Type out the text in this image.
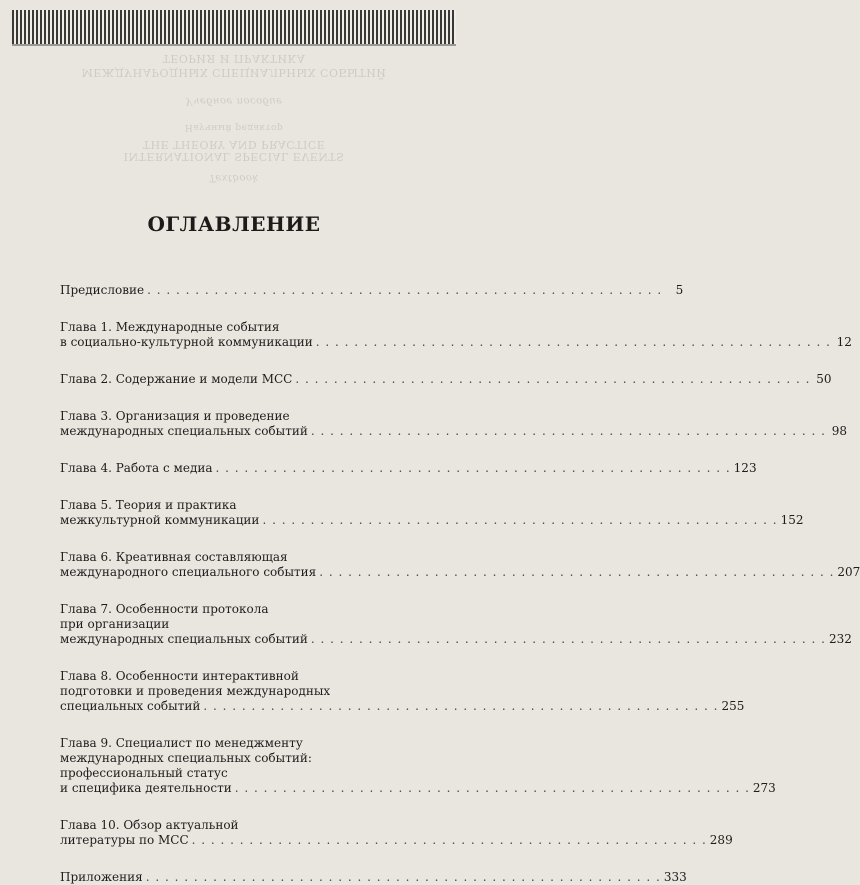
ТЕОРИЯ И ПРАКТИКА
МЕЖДУНАРОДНЫХ СПЕЦИАЛЬНЫХ СОБЫТИЙ
Учебное пособие
Научный редактор
THE THEORY AND PRACTICE
INTERNATIONAL SPECIAL EVENTS
Textbook
ОГЛАВЛЕНИЕ
Предисловие . . . . . . . . . . . . . . . . . . . . . . . . . . . . . . . . . . . . . . . . . . . . . . . . . . . . . .	5
Глава 1. Международные события
в социально-культурной коммуникации . . . . . . . . . . . . . . . . . . . . . . . . . . . . . . . . . . . . . . . . . . . . . . . . . . . . . . 12
Глава 2. Содержание и модели МСС . . . . . . . . . . . . . . . . . . . . . . . . . . . . . . . . . . . . . . . . . . . . . . . . . . . . . . 50
Глава 3. Организация и проведение
международных специальных событий . . . . . . . . . . . . . . . . . . . . . . . . . . . . . . . . . . . . . . . . . . . . . . . . . . . . . . 98
Глава 4. Работа с медиа . . . . . . . . . . . . . . . . . . . . . . . . . . . . . . . . . . . . . . . . . . . . . . . . . . . . . . 123
Глава 5. Теория и практика
межкультурной коммуникации . . . . . . . . . . . . . . . . . . . . . . . . . . . . . . . . . . . . . . . . . . . . . . . . . . . . . . 152
Глава 6. Креативная составляющая
международного специального события . . . . . . . . . . . . . . . . . . . . . . . . . . . . . . . . . . . . . . . . . . . . . . . . . . . . . . 207
Глава 7. Особенности протокола
при организации
международных специальных событий . . . . . . . . . . . . . . . . . . . . . . . . . . . . . . . . . . . . . . . . . . . . . . . . . . . . . . 232
Глава 8. Особенности интерактивной
подготовки и проведения международных
специальных событий . . . . . . . . . . . . . . . . . . . . . . . . . . . . . . . . . . . . . . . . . . . . . . . . . . . . . . 255
Глава 9. Специалист по менеджменту
международных специальных событий:
профессиональный статус
и специфика деятельности . . . . . . . . . . . . . . . . . . . . . . . . . . . . . . . . . . . . . . . . . . . . . . . . . . . . . . 273
Глава 10. Обзор актуальной
литературы по МСС . . . . . . . . . . . . . . . . . . . . . . . . . . . . . . . . . . . . . . . . . . . . . . . . . . . . . . 289
Приложения . . . . . . . . . . . . . . . . . . . . . . . . . . . . . . . . . . . . . . . . . . . . . . . . . . . . . . 333
